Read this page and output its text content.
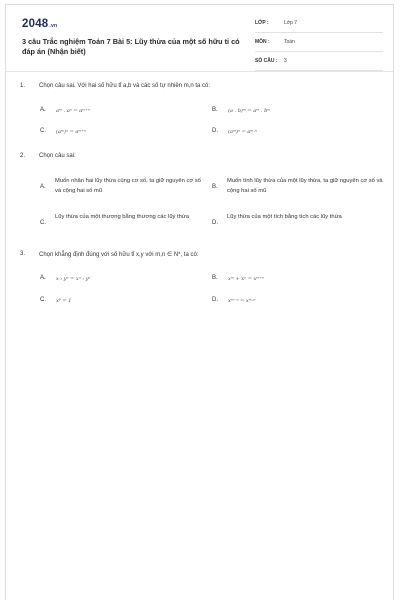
2048.vn
3 câu Trắc nghiệm Toán 7 Bài 5: Lũy thừa của một số hữu tỉ có đáp án (Nhận biết)
LỚP :	Lớp 7
MÔN :	Toán
SỐ CÂU : 3
1. Chọn câu sai. Với hai số hữu tỉ a,b và các số tự nhiên m,n ta có:
A. aᵐ . aⁿ = aᵐ⁺ⁿ	B. (a . b)ᵐ = aᵐ . bᵐ
C. (aᵐ)ⁿ = aᵐ⁺ⁿ	D. (aᵐ)ⁿ = aᵐ·ⁿ
2. Chọn câu sai:
A.
Muốn nhân hai lũy thừa cùng cơ số, ta giữ nguyên cơ số và cộng hai số mũ
B.
Muốn tính lũy thừa của một lũy thừa, ta giữ nguyên cơ số và cộng hai số mũ
C.
Lũy thừa của một thương bằng thương các lũy thừa
D.
Lũy thừa của một tích bằng tích các lũy thừa
3. Chọn khẳng định đúng với số hữu tỉ x,y với m,n ∈ N*, ta có:
A. x : yⁿ = xⁿ : yⁿ	B. xᵐ + xⁿ = xᵐ⁺ⁿ
C. x⁰ = 1	D. xᵐ⁻ⁿ = xᵐ·ⁿ
